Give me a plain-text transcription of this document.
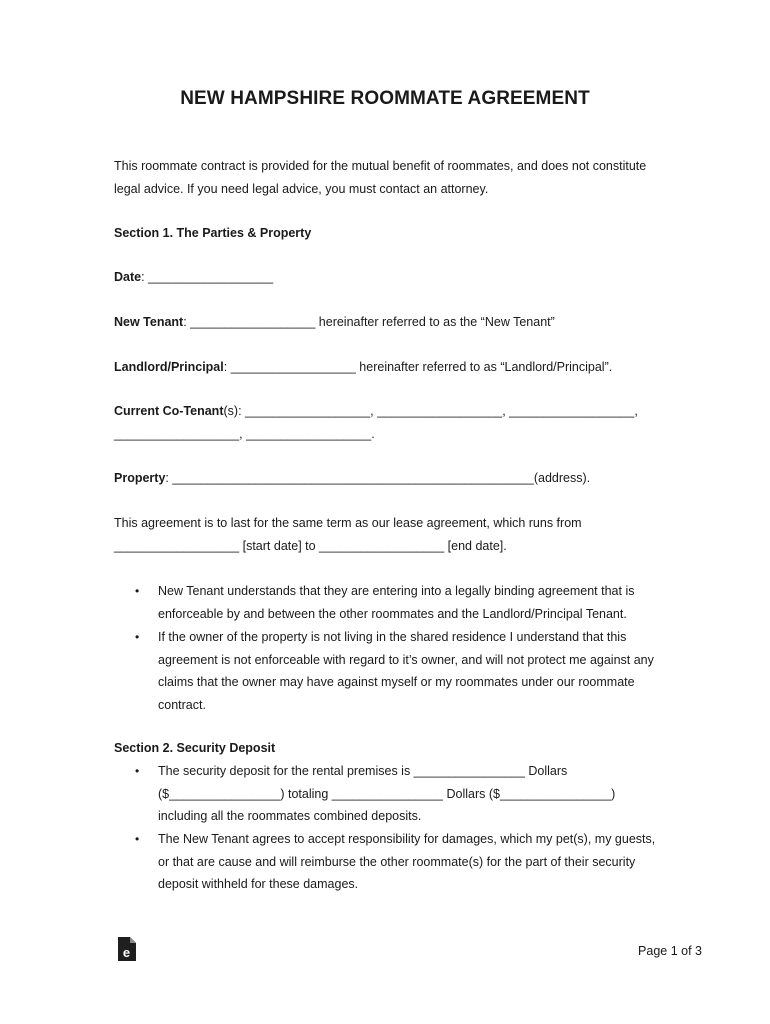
NEW HAMPSHIRE ROOMMATE AGREEMENT

This roommate contract is provided for the mutual benefit of roommates, and does not constitute legal advice. If you need legal advice, you must contact an attorney.

Section 1. The Parties & Property

Date: __________________

New Tenant: __________________ hereinafter referred to as the “New Tenant”

Landlord/Principal: __________________ hereinafter referred to as “Landlord/Principal”.

Current Co-Tenant(s): __________________, __________________, __________________,

__________________, __________________.

Property: ____________________________________________________(address).

This agreement is to last for the same term as our lease agreement, which runs from

__________________ [start date] to __________________ [end date].

• New Tenant understands that they are entering into a legally binding agreement that is enforceable by and between the other roommates and the Landlord/Principal Tenant.

• If the owner of the property is not living in the shared residence I understand that this agreement is not enforceable with regard to it’s owner, and will not protect me against any claims that the owner may have against myself or my roommates under our roommate contract.

Section 2. Security Deposit

• The security deposit for the rental premises is ________________ Dollars ($________________) totaling ________________ Dollars ($________________) including all the roommates combined deposits.

• The New Tenant agrees to accept responsibility for damages, which my pet(s), my guests, or that are cause and will reimburse the other roommate(s) for the part of their security deposit withheld for these damages.

e	Page 1 of 3
